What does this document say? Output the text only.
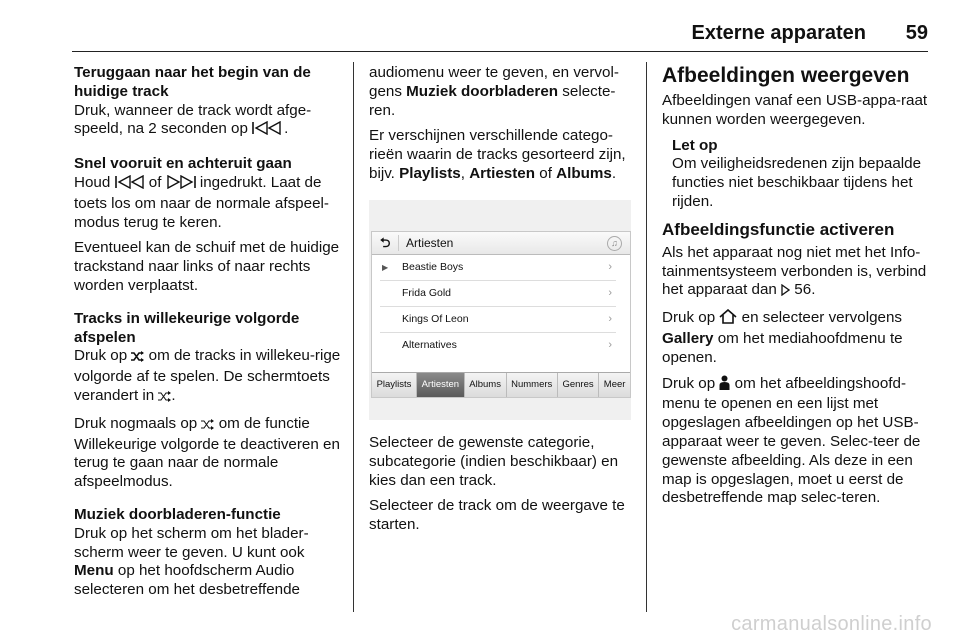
Externe apparaten 59
Teruggaan naar het begin van de huidige track

Druk, wanneer de track wordt afge-speeld, na 2 seconden op .

Snel vooruit en achteruit gaan

Houd  of  ingedrukt. Laat de toets los om naar de normale afspeel-modus terug te keren.

Eventueel kan de schuif met de huidige trackstand naar links of naar rechts worden verplaatst.

Tracks in willekeurige volgorde afspelen

Druk op  om de tracks in willekeu-rige volgorde af te spelen. De schermtoets verandert in .

Druk nogmaals op  om de functie Willekeurige volgorde te deactiveren en terug te gaan naar de normale afspeelmodus.

Muziek doorbladeren-functie

Druk op het scherm om het blader-scherm weer te geven. U kunt ook Menu op het hoofdscherm Audio selecteren om het desbetreffende

audiomenu weer te geven, en vervol-gens Muziek doorbladeren selecte-ren.

Er verschijnen verschillende catego-rieën waarin de tracks gesorteerd zijn, bijv. Playlists, Artiesten of Albums.

⮌ Artiesten	♫
▶ Beastie Boys	›
Frida Gold	›
Kings Of Leon	›
Alternatives	›
Playlists	Artiesten	Albums	Nummers	Genres	Meer

Selecteer de gewenste categorie, subcategorie (indien beschikbaar) en kies dan een track.

Selecteer de track om de weergave te starten.

Afbeeldingen weergeven

Afbeeldingen vanaf een USB-appa-raat kunnen worden weergegeven.

Let op
Om veiligheidsredenen zijn bepaalde functies niet beschikbaar tijdens het rijden.
Afbeeldingsfunctie activeren

Als het apparaat nog niet met het Info-tainmentsysteem verbonden is, verbind het apparaat dan  56.

Druk op  en selecteer vervolgens Gallery om het mediahoofdmenu te openen.

Druk op  om het afbeeldingshoofd-menu te openen en een lijst met opgeslagen afbeeldingen op het USB-apparaat weer te geven. Selec-teer de gewenste afbeelding. Als deze in een map is opgeslagen, moet u eerst de desbetreffende map selec-teren.

carmanualsonline.info
